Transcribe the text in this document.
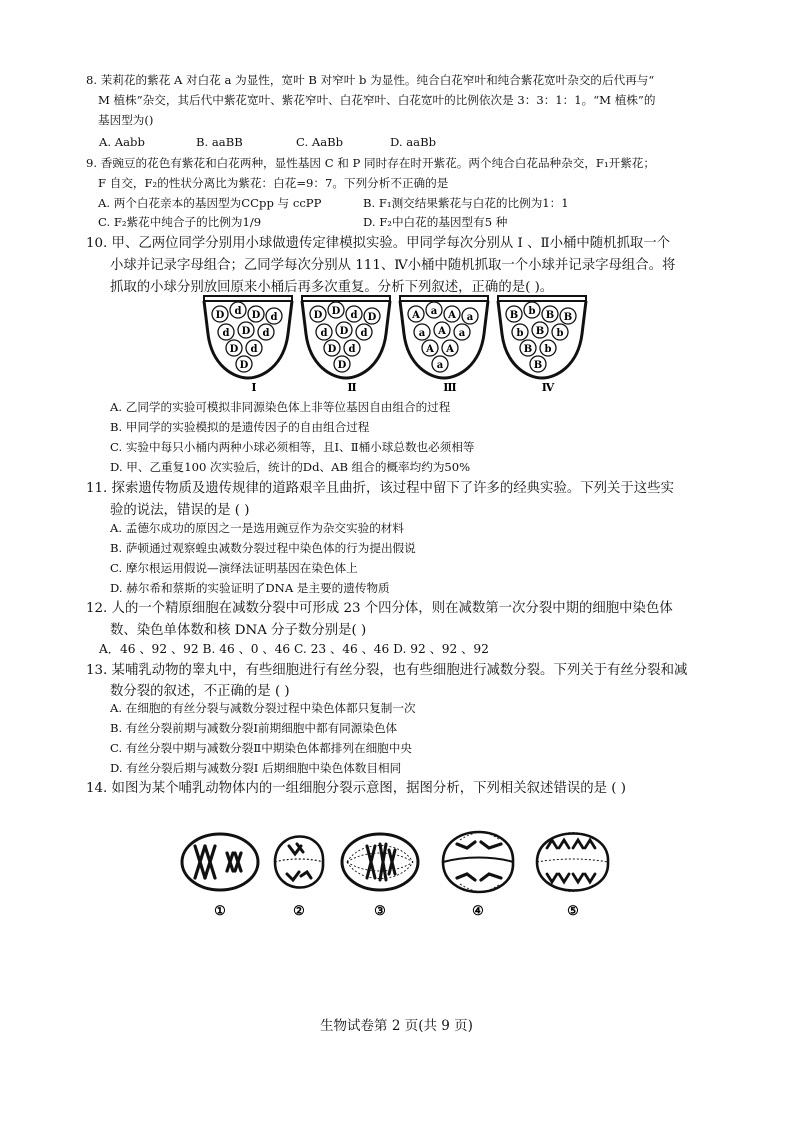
8. 茉莉花的紫花 A 对白花 a 为显性，宽叶 B 对窄叶 b 为显性。纯合白花窄叶和纯合紫花宽叶杂交的后代再与“
M 植株”杂交，其后代中紫花宽叶、紫花窄叶、白花窄叶、白花宽叶的比例依次是 3：3：1：1。“M 植株”的
基因型为()
A. Aabb	B. aaBB	C. AaBb	D. aaBb
9. 香豌豆的花色有紫花和白花两种，显性基因 C 和 P 同时存在时开紫花。两个纯合白花品种杂交，F₁开紫花；
F 自交，F₂的性状分离比为紫花：白花=9：7。下列分析不正确的是
A. 两个白花亲本的基因型为CCpp 与 ccPP	B. F₁测交结果紫花与白花的比例为1：1
C. F₂紫花中纯合子的比例为1/9	D. F₂中白花的基因型有5 种
10. 甲、乙两位同学分别用小球做遗传定律模拟实验。甲同学每次分别从 Ⅰ 、Ⅱ小桶中随机抓取一个
小球并记录字母组合；乙同学每次分别从 111、Ⅳ小桶中随机抓取一个小球并记录字母组合。将
抓取的小球分别放回原来小桶后再多次重复。分析下列叙述，正确的是( )。
D d D d
d D d
D d
D
Ⅰ
D D d D
d D d
D d
D
Ⅱ
A a A a
a A a
A A
a
Ⅲ
B b B B
b B b
B b
B
Ⅳ
A. 乙同学的实验可模拟非同源染色体上非等位基因自由组合的过程
B. 甲同学的实验模拟的是遗传因子的自由组合过程
C. 实验中每只小桶内两种小球必须相等，且Ⅰ、Ⅱ桶小球总数也必须相等
D. 甲、乙重复100 次实验后，统计的Dd、AB 组合的概率均约为50%
11. 探索遗传物质及遗传规律的道路艰辛且曲折，该过程中留下了许多的经典实验。下列关于这些实
验的说法，错误的是 ( )
A. 孟德尔成功的原因之一是选用豌豆作为杂交实验的材料
B. 萨顿通过观察蝗虫减数分裂过程中染色体的行为提出假说
C. 摩尔根运用假说—演绎法证明基因在染色体上
D. 赫尔希和蔡斯的实验证明了DNA 是主要的遗传物质
12. 人的一个精原细胞在减数分裂中可形成 23 个四分体，则在减数第一次分裂中期的细胞中染色体
数、染色单体数和核 DNA 分子数分别是( )
A．46 、92 、92 B. 46 、0 、46 C. 23 、46 、46 D. 92 、92 、92
13. 某哺乳动物的睾丸中，有些细胞进行有丝分裂，也有些细胞进行减数分裂。下列关于有丝分裂和减
数分裂的叙述，不正确的是 ( )
A. 在细胞的有丝分裂与减数分裂过程中染色体都只复制一次
B. 有丝分裂前期与减数分裂Ⅰ前期细胞中都有同源染色体
C. 有丝分裂中期与减数分裂Ⅱ中期染色体都排列在细胞中央
D. 有丝分裂后期与减数分裂Ⅰ 后期细胞中染色体数目相同
14. 如图为某个哺乳动物体内的一组细胞分裂示意图，据图分析，下列相关叙述错误的是 ( )
①	②	③	④	⑤
生物试卷第 2 页(共 9 页)
